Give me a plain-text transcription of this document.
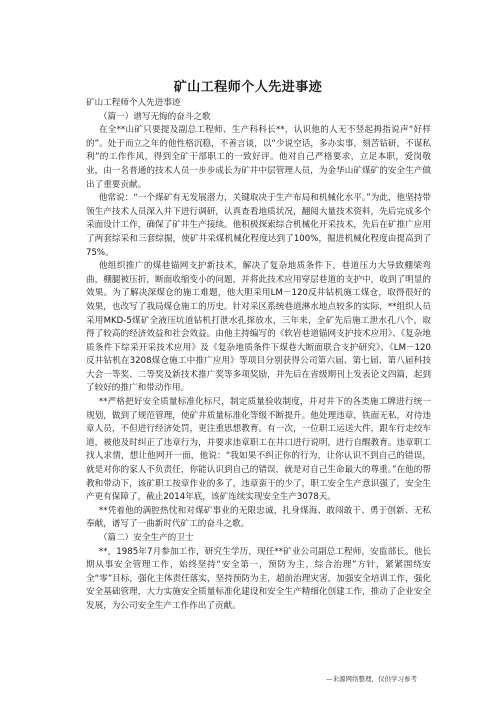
矿山工程师个人先进事迹

矿山工程师个人先进事迹

（篇一）谱写无悔的奋斗之歌

在全**山矿只要提及副总工程师、生产科科长**，认识他的人无不竖起拇指说声“好样的”。处于而立之年的他性格沉稳，不善言谈，以“少说空话，多办实事，刻苦钻研，不谋私利”的工作作风，得到全矿干部职工的一致好评。他对自己严格要求，立足本职，爱岗敬业，由一名普通的技术人员一步步成长为矿井中层管理人员，为金华山矿煤矿的安全生产做出了重要贡献。

他常说：“一个煤矿有无发展潜力，关键取决于生产布局和机械化水平。”为此，他坚持带领生产技术人员深入井下进行调研，认真查看地质状况，翻阅大量技术资料，先后完成多个采面设计工作，确保了矿井生产接续。他积极探索综合机械化开采技术，先后在矿推广应用了两套综采和三套综掘，使矿井采煤机械化程度达到了100%，掘进机械化程度由提高到了75%。

他组织推广的煤巷锚网支护新技术，解决了复杂地质条件下，巷道压力大导致棚梁弯曲，棚腿被压折，断面收缩变小的问题，并将此技术应用穿层巷道的支护中，收到了明显的效果。为了解决深煤仓的施工难题，他大胆采用LM－120反井钻机施工煤仓，取得很好的效果，也改写了我局煤仓施工的历史。针对采区系统巷道淋水地点较多的实际，**组织人员采用MKD-5煤矿全液压坑道钻机打泄水孔探放水，三年来，全矿先后施工泄水孔八个，取得了较高的经济效益和社会效益。由他主持编写的《软岩巷道锚网支护技术应用》、《复杂地质条件下综采开采技术应用》及《复杂地质条件下煤巷大断面联合支护研究》、《LM－120反井钻机在3208煤仓施工中推广应用》等项目分别获得公司第六届、第七届、第八届科技大会一等奖、二等奖及新技术推广奖等多项奖励，并先后在省级期刊上发表论文四篇，起到了较好的推广和带动作用。

**严格把好安全质量标准化标尺，制定质量验收制度，并对井下的各类施工牌进行统一规划，做到了规范管理，使矿井质量标准化等级不断提升。他处理违章，铁面无私，对待违章人员，不但进行经济处罚，更注重思想教育。有一次，一位职工运送大件，跟车行走绞车道，被他及时纠正了违章行为，并要求违章职工在井口进行说明，进行自醒教育。违章职工找人求情，想让他网开一面，他说：“我如果不纠正你的行为，让你认识不到自己的错误，就是对你的家人不负责任，你能认识到自己的错误，就是对自己生命最大的尊重。”在他的帮教和带动下，该矿职工按章作业的多了，违章蛮干的少了，职工安全生产意识强了，安全生产更有保障了，截止2014年底，该矿连续实现安全生产3078天。

**凭着他的满腔热忱和对煤矿事业的无限忠诚，扎身煤海、敢闯敢干、勇于创新、无私奉献，谱写了一曲新时代矿工的奋斗之歌。

（篇二）安全生产的卫士

**，1985年7月参加工作，研究生学历，现任**矿业公司副总工程师，安监部长。他长期从事安全管理工作，始终坚持“安全第一，预防为主，综合治理”方针，紧紧围绕安全“零”目标，强化主体责任落实，坚持预防为主，超前治理灾害，加强安全培训工作，强化安全基础管理，大力实施安全质量标准化建设和安全生产精细化创建工作，推动了企业安全发展，为公司安全生产工作作出了贡献。

—来源网络整理，仅供学习参考
